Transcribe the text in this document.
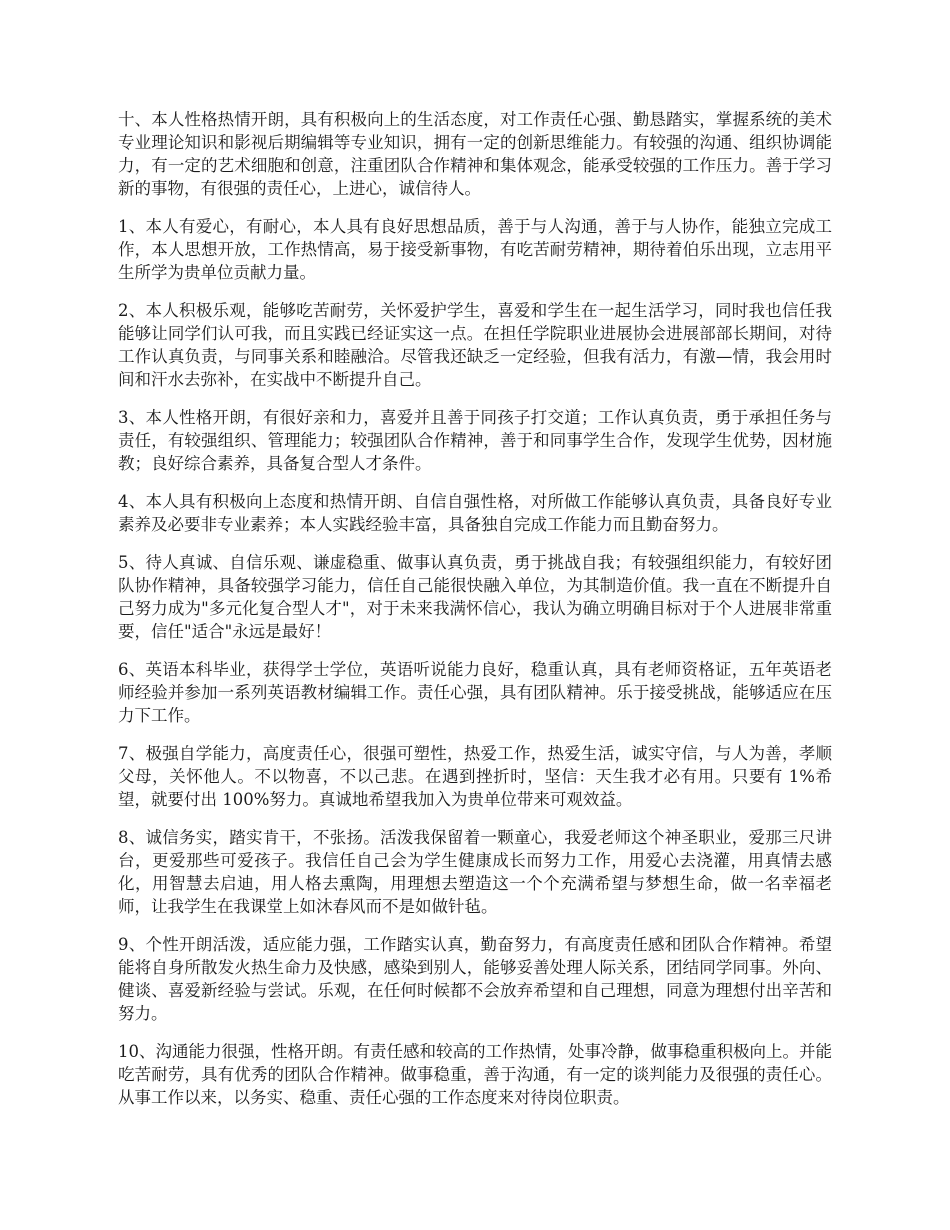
十、本人性格热情开朗，具有积极向上的生活态度，对工作责任心强、勤恳踏实，掌握系统的美术专业理论知识和影视后期编辑等专业知识，拥有一定的创新思维能力。有较强的沟通、组织协调能力，有一定的艺术细胞和创意，注重团队合作精神和集体观念，能承受较强的工作压力。善于学习新的事物，有很强的责任心，上进心，诚信待人。

1、本人有爱心，有耐心，本人具有良好思想品质，善于与人沟通，善于与人协作，能独立完成工作，本人思想开放，工作热情高，易于接受新事物，有吃苦耐劳精神，期待着伯乐出现，立志用平生所学为贵单位贡献力量。

2、本人积极乐观，能够吃苦耐劳，关怀爱护学生，喜爱和学生在一起生活学习，同时我也信任我能够让同学们认可我，而且实践已经证实这一点。在担任学院职业进展协会进展部部长期间，对待工作认真负责，与同事关系和睦融洽。尽管我还缺乏一定经验，但我有活力，有激—情，我会用时间和汗水去弥补，在实战中不断提升自己。

3、本人性格开朗，有很好亲和力，喜爱并且善于同孩子打交道；工作认真负责，勇于承担任务与责任，有较强组织、管理能力；较强团队合作精神，善于和同事学生合作，发现学生优势，因材施教；良好综合素养，具备复合型人才条件。

4、本人具有积极向上态度和热情开朗、自信自强性格，对所做工作能够认真负责，具备良好专业素养及必要非专业素养；本人实践经验丰富，具备独自完成工作能力而且勤奋努力。

5、待人真诚、自信乐观、谦虚稳重、做事认真负责，勇于挑战自我；有较强组织能力，有较好团队协作精神，具备较强学习能力，信任自己能很快融入单位，为其制造价值。我一直在不断提升自己努力成为"多元化复合型人才"，对于未来我满怀信心，我认为确立明确目标对于个人进展非常重要，信任"适合"永远是最好！

6、英语本科毕业，获得学士学位，英语听说能力良好，稳重认真，具有老师资格证，五年英语老师经验并参加一系列英语教材编辑工作。责任心强，具有团队精神。乐于接受挑战，能够适应在压力下工作。

7、极强自学能力，高度责任心，很强可塑性，热爱工作，热爱生活，诚实守信，与人为善，孝顺父母，关怀他人。不以物喜，不以己悲。在遇到挫折时，坚信：天生我才必有用。只要有 1%希望，就要付出 100%努力。真诚地希望我加入为贵单位带来可观效益。

8、诚信务实，踏实肯干，不张扬。活泼我保留着一颗童心，我爱老师这个神圣职业，爱那三尺讲台，更爱那些可爱孩子。我信任自己会为学生健康成长而努力工作，用爱心去浇灌，用真情去感化，用智慧去启迪，用人格去熏陶，用理想去塑造这一个个充满希望与梦想生命，做一名幸福老师，让我学生在我课堂上如沐春风而不是如做针毡。

9、个性开朗活泼，适应能力强，工作踏实认真，勤奋努力，有高度责任感和团队合作精神。希望能将自身所散发火热生命力及快感，感染到别人，能够妥善处理人际关系，团结同学同事。外向、健谈、喜爱新经验与尝试。乐观，在任何时候都不会放弃希望和自己理想，同意为理想付出辛苦和努力。

10、沟通能力很强，性格开朗。有责任感和较高的工作热情，处事冷静，做事稳重积极向上。并能吃苦耐劳，具有优秀的团队合作精神。做事稳重，善于沟通，有一定的谈判能力及很强的责任心。从事工作以来，以务实、稳重、责任心强的工作态度来对待岗位职责。
